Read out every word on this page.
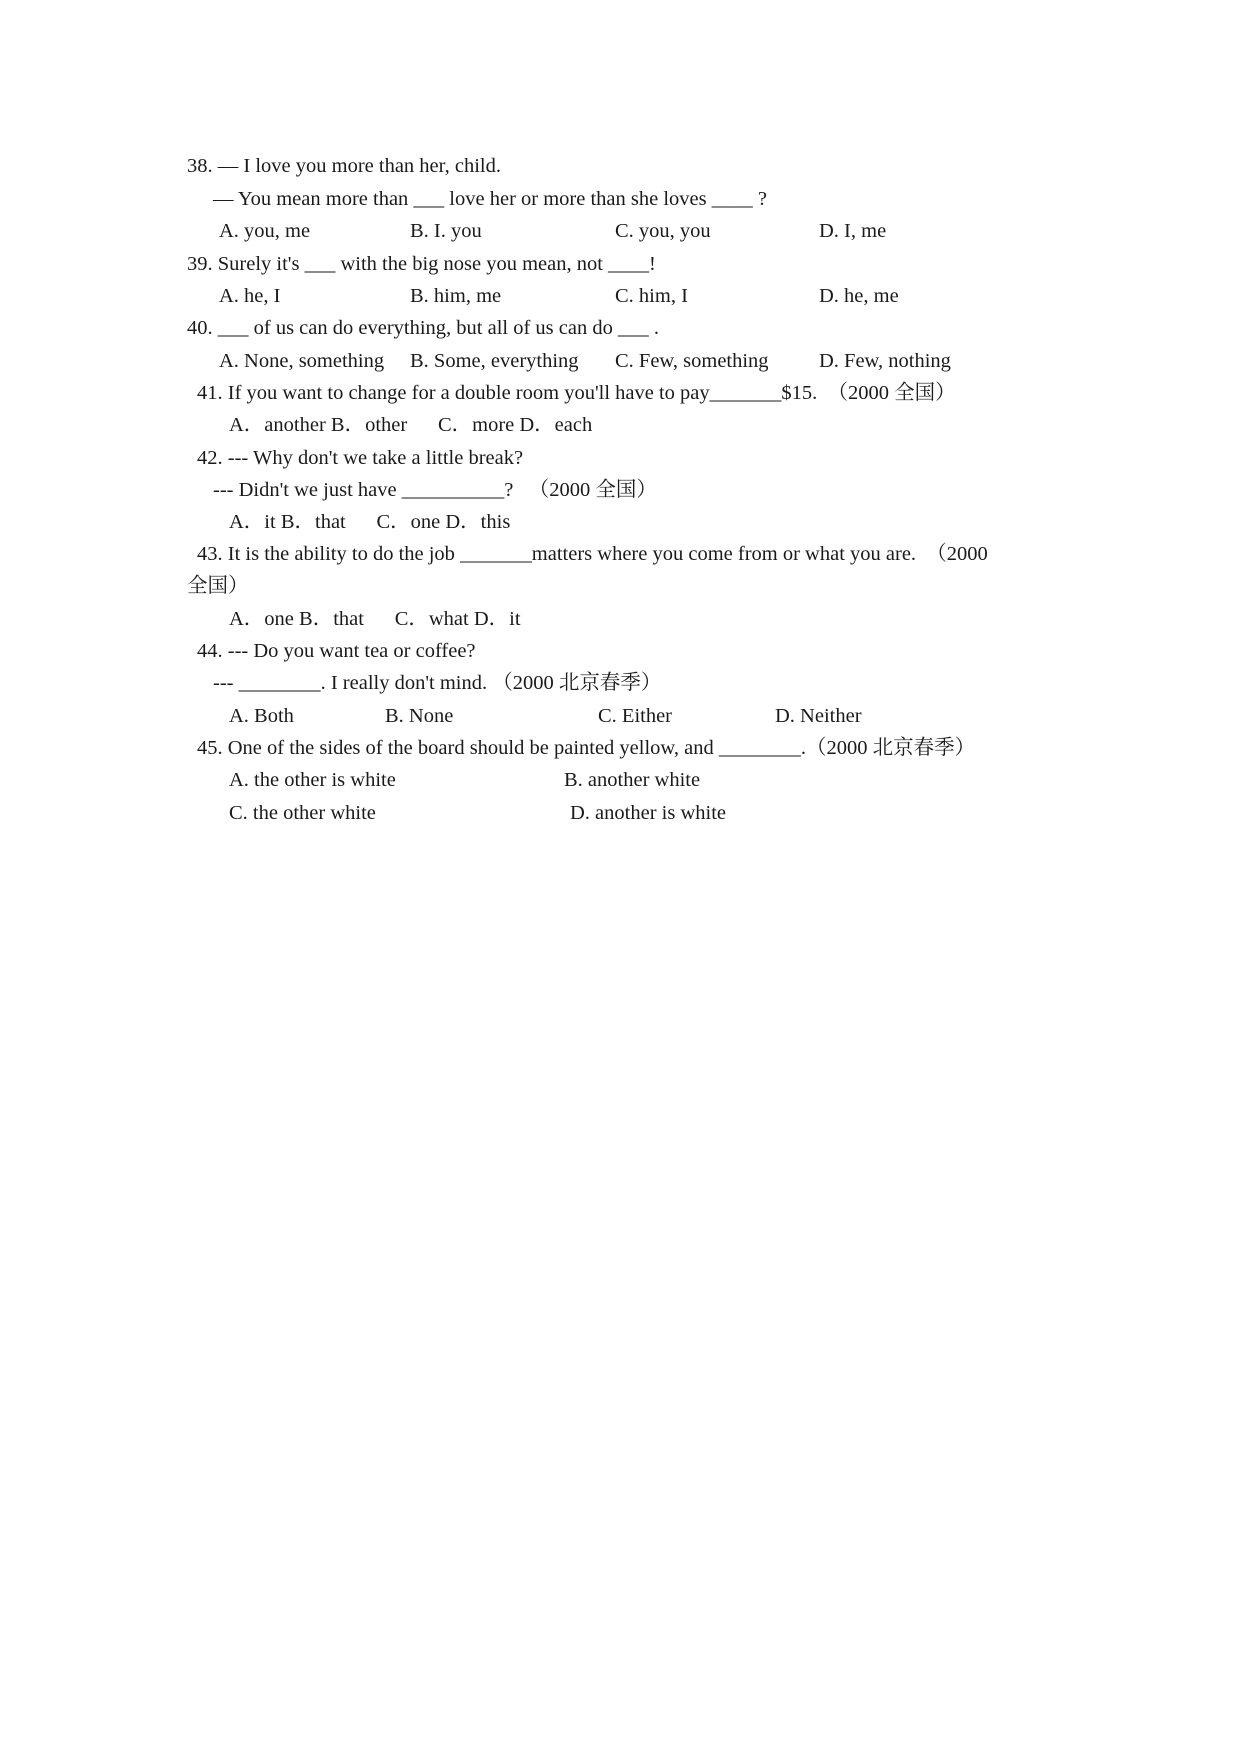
38. — I love you more than her, child.
— You mean more than ___ love her or more than she loves ____ ?
A. you, me	B. I. you	C. you, you	D. I, me
39. Surely it's ___ with the big nose you mean, not ____!
A. he, I	B. him, me	C. him, I	D. he, me
40. ___ of us can do everything, but all of us can do ___ .
A. None, something B. Some, everything C. Few, something D. Few, nothing
41. If you want to change for a double room you'll have to pay_______$15.  （2000 全国）
A．another B．other      C．more D．each
42. --- Why don't we take a little break?
--- Didn't we just have __________?   （2000 全国）
A．it B．that      C．one D．this
43. It is the ability to do the job _______matters where you come from or what you are.  （2000
全国）
A．one B．that      C．what D．it
44. --- Do you want tea or coffee?
--- ________. I really don't mind. （2000 北京春季）
A. Both	B. None	C. Either	D. Neither
45. One of the sides of the board should be painted yellow, and ________.（2000 北京春季）
A. the other is white	B. another white
C. the other white	D. another is white
